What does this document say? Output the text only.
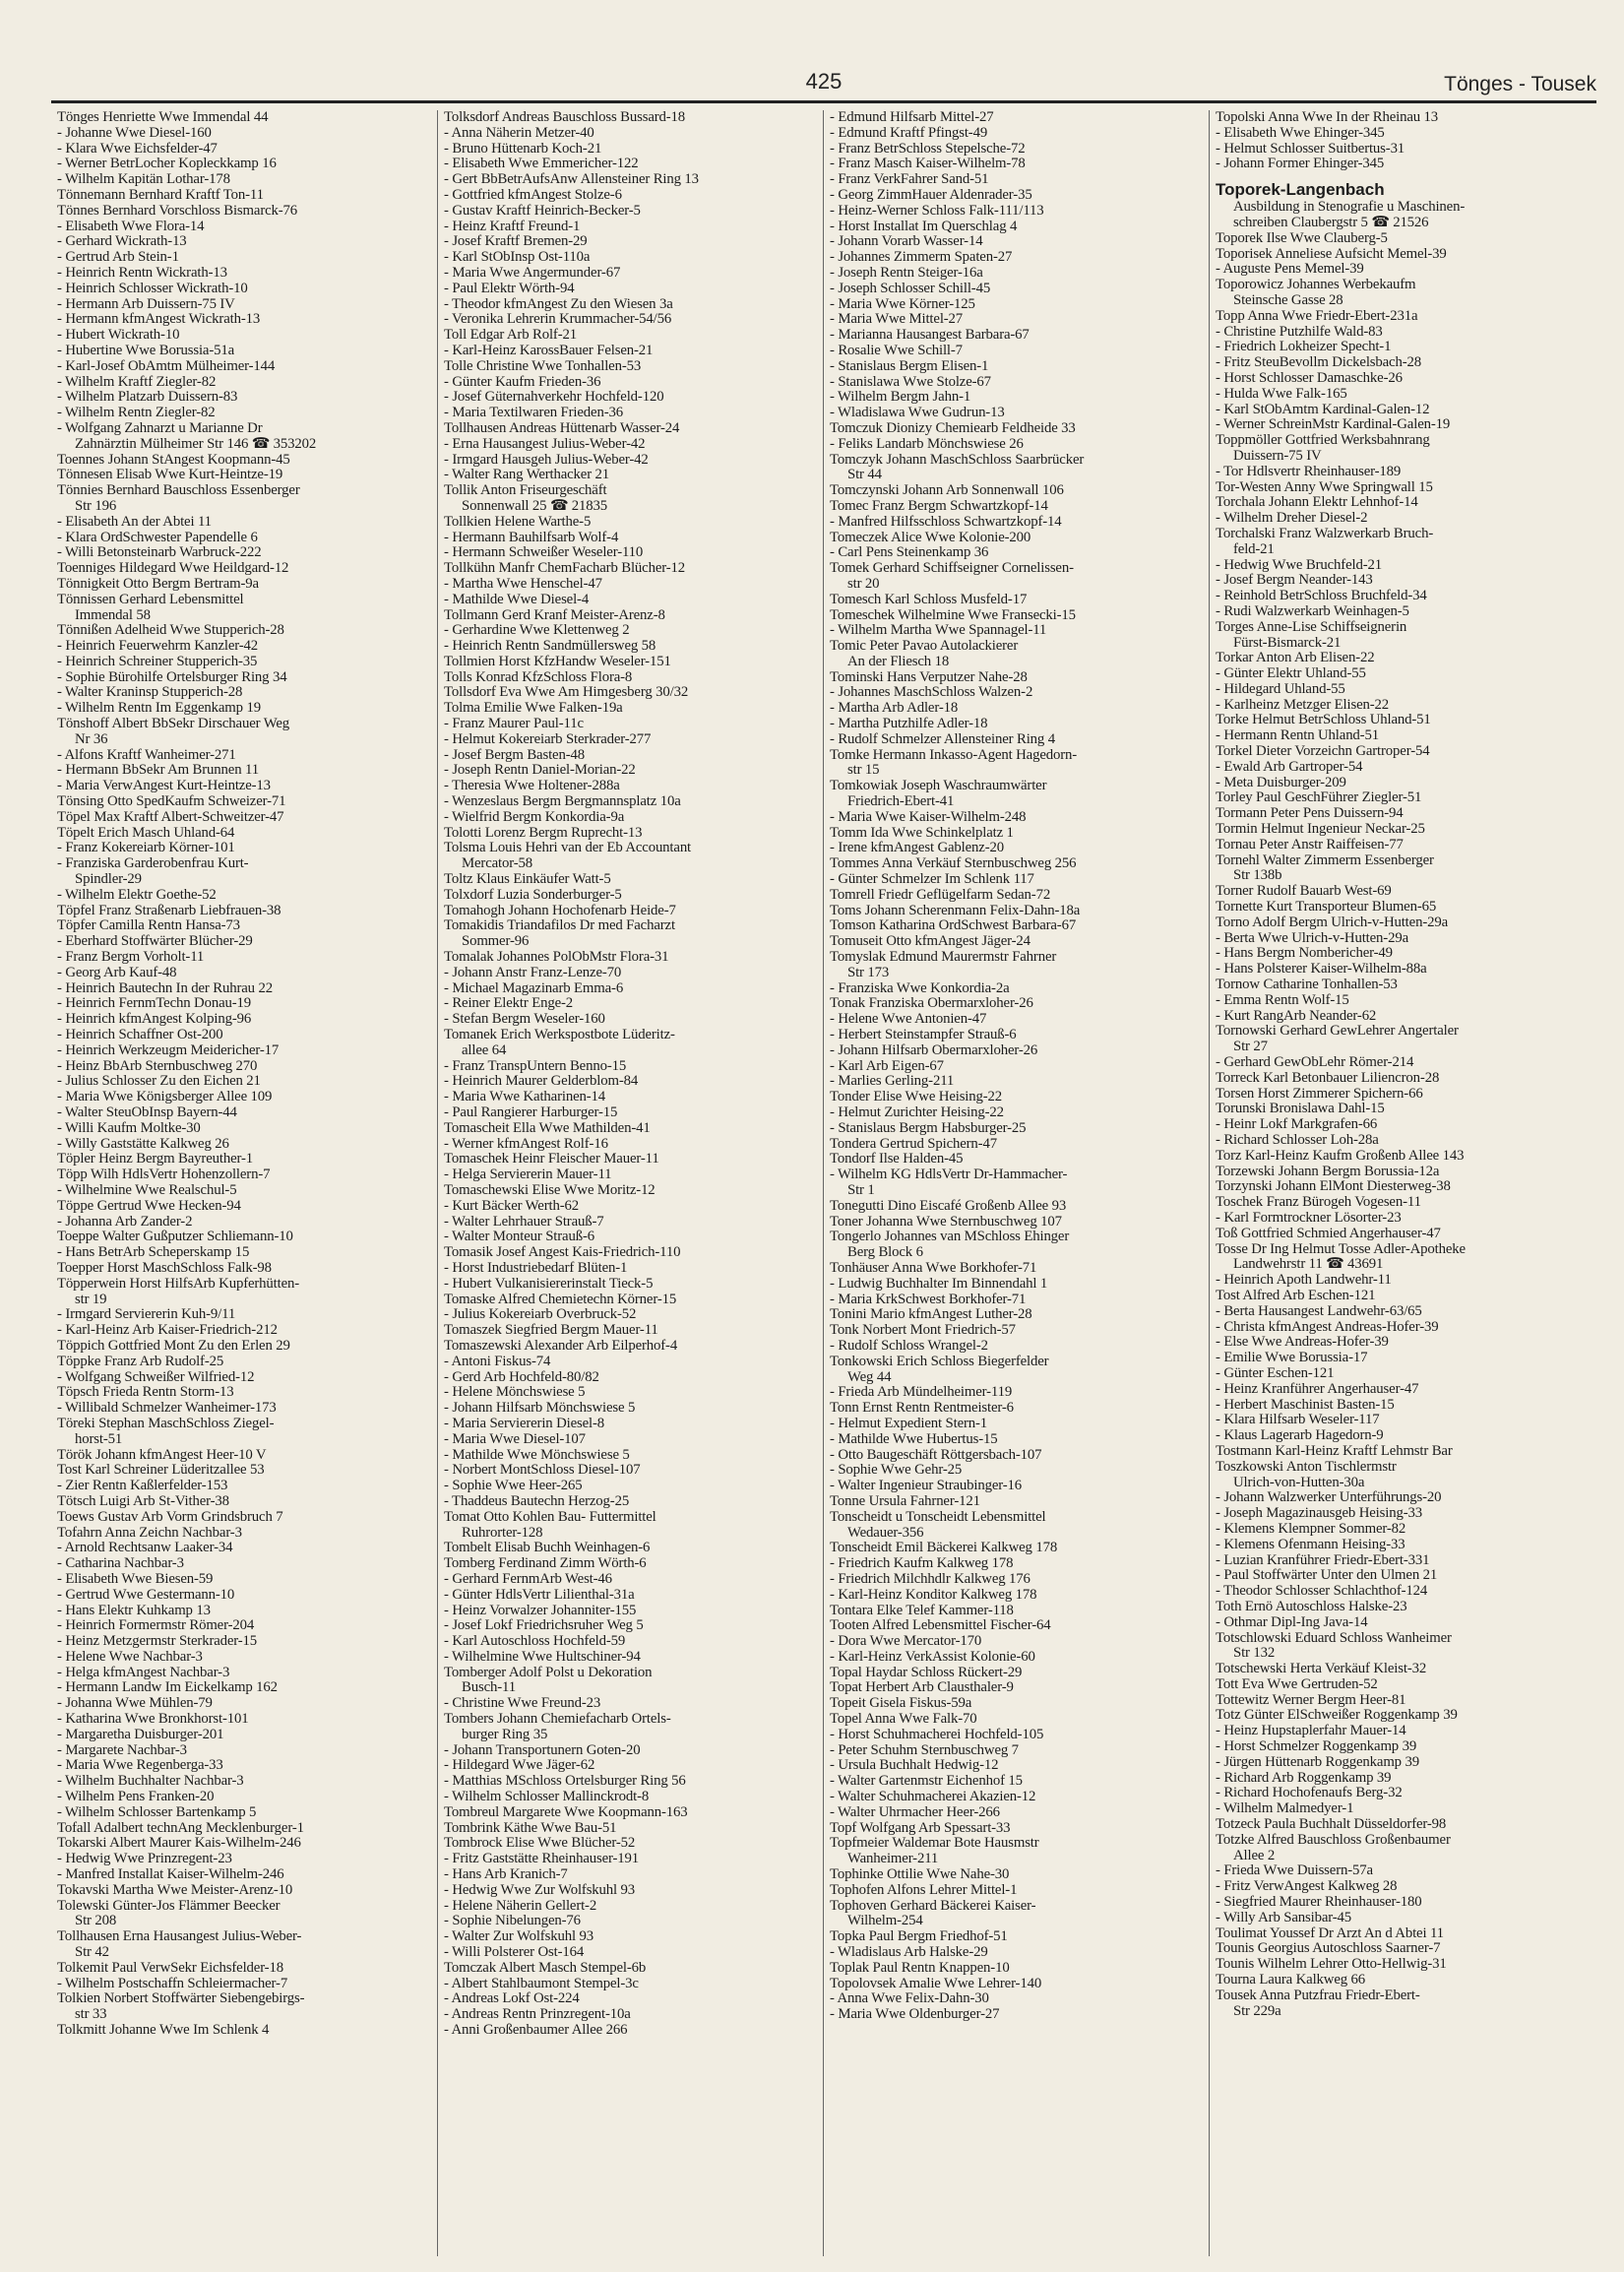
425	Tönges - Tousek
Tönges Henriette Wwe Immendal 44
- Johanne Wwe Diesel-160
- Klara Wwe Eichsfelder-47
- Werner BetrLocher Kopleckkamp 16
- Wilhelm Kapitän Lothar-178
Tönnemann Bernhard Kraftf Ton-11
Tönnes Bernhard Vorschloss Bismarck-76
- Elisabeth Wwe Flora-14
- Gerhard Wickrath-13
- Gertrud Arb Stein-1
- Heinrich Rentn Wickrath-13
- Heinrich Schlosser Wickrath-10
- Hermann Arb Duissern-75 IV
- Hermann kfmAngest Wickrath-13
- Hubert Wickrath-10
- Hubertine Wwe Borussia-51a
- Karl-Josef ObAmtm Mülheimer-144
- Wilhelm Kraftf Ziegler-82
- Wilhelm Platzarb Duissern-83
- Wilhelm Rentn Ziegler-82
- Wolfgang Zahnarzt u Marianne Dr
Zahnärztin Mülheimer Str 146 ☎ 353202
Toennes Johann StAngest Koopmann-45
Tönnesen Elisab Wwe Kurt-Heintze-19
Tönnies Bernhard Bauschloss Essenberger
Str 196
- Elisabeth An der Abtei 11
- Klara OrdSchwester Papendelle 6
- Willi Betonsteinarb Warbruck-222
Toenniges Hildegard Wwe Heildgard-12
Tönnigkeit Otto Bergm Bertram-9a
Tönnissen Gerhard Lebensmittel
Immendal 58
Tönnißen Adelheid Wwe Stupperich-28
- Heinrich Feuerwehrm Kanzler-42
- Heinrich Schreiner Stupperich-35
- Sophie Bürohilfe Ortelsburger Ring 34
- Walter Kraninsp Stupperich-28
- Wilhelm Rentn Im Eggenkamp 19
Tönshoff Albert BbSekr Dirschauer Weg
Nr 36
- Alfons Kraftf Wanheimer-271
- Hermann BbSekr Am Brunnen 11
- Maria VerwAngest Kurt-Heintze-13
Tönsing Otto SpedKaufm Schweizer-71
Töpel Max Kraftf Albert-Schweitzer-47
Töpelt Erich Masch Uhland-64
- Franz Kokereiarb Körner-101
- Franziska Garderobenfrau Kurt-
Spindler-29
- Wilhelm Elektr Goethe-52
Töpfel Franz Straßenarb Liebfrauen-38
Töpfer Camilla Rentn Hansa-73
- Eberhard Stoffwärter Blücher-29
- Franz Bergm Vorholt-11
- Georg Arb Kauf-48
- Heinrich Bautechn In der Ruhrau 22
- Heinrich FernmTechn Donau-19
- Heinrich kfmAngest Kolping-96
- Heinrich Schaffner Ost-200
- Heinrich Werkzeugm Meidericher-17
- Heinz BbArb Sternbuschweg 270
- Julius Schlosser Zu den Eichen 21
- Maria Wwe Königsberger Allee 109
- Walter SteuObInsp Bayern-44
- Willi Kaufm Moltke-30
- Willy Gaststätte Kalkweg 26
Töpler Heinz Bergm Bayreuther-1
Töpp Wilh HdlsVertr Hohenzollern-7
- Wilhelmine Wwe Realschul-5
Töppe Gertrud Wwe Hecken-94
- Johanna Arb Zander-2
Toeppe Walter Gußputzer Schliemann-10
- Hans BetrArb Scheperskamp 15
Toepper Horst MaschSchloss Falk-98
Töpperwein Horst HilfsArb Kupferhütten-
str 19
- Irmgard Serviererin Kuh-9/11
- Karl-Heinz Arb Kaiser-Friedrich-212
Töppich Gottfried Mont Zu den Erlen 29
Töppke Franz Arb Rudolf-25
- Wolfgang Schweißer Wilfried-12
Töpsch Frieda Rentn Storm-13
- Willibald Schmelzer Wanheimer-173
Töreki Stephan MaschSchloss Ziegel-
horst-51
Török Johann kfmAngest Heer-10 V
Tost Karl Schreiner Lüderitzallee 53
- Zier Rentn Kaßlerfelder-153
Tötsch Luigi Arb St-Vither-38
Toews Gustav Arb Vorm Grindsbruch 7
Tofahrn Anna Zeichn Nachbar-3
- Arnold Rechtsanw Laaker-34
- Catharina Nachbar-3
- Elisabeth Wwe Biesen-59
- Gertrud Wwe Gestermann-10
- Hans Elektr Kuhkamp 13
- Heinrich Formermstr Römer-204
- Heinz Metzgermstr Sterkrader-15
- Helene Wwe Nachbar-3
- Helga kfmAngest Nachbar-3
- Hermann Landw Im Eickelkamp 162
- Johanna Wwe Mühlen-79
- Katharina Wwe Bronkhorst-101
- Margaretha Duisburger-201
- Margarete Nachbar-3
- Maria Wwe Regenberga-33
- Wilhelm Buchhalter Nachbar-3
- Wilhelm Pens Franken-20
- Wilhelm Schlosser Bartenkamp 5
Tofall Adalbert technAng Mecklenburger-1
Tokarski Albert Maurer Kais-Wilhelm-246
- Hedwig Wwe Prinzregent-23
- Manfred Installat Kaiser-Wilhelm-246
Tokavski Martha Wwe Meister-Arenz-10
Tolewski Günter-Jos Flämmer Beecker
Str 208
Tollhausen Erna Hausangest Julius-Weber-
Str 42
Tolkemit Paul VerwSekr Eichsfelder-18
- Wilhelm Postschaffn Schleiermacher-7
Tolkien Norbert Stoffwärter Siebengebirgs-
str 33
Tolkmitt Johanne Wwe Im Schlenk 4
Tolksdorf Andreas Bauschloss Bussard-18
- Anna Näherin Metzer-40
- Bruno Hüttenarb Koch-21
- Elisabeth Wwe Emmericher-122
- Gert BbBetrAufsAnw Allensteiner Ring 13
- Gottfried kfmAngest Stolze-6
- Gustav Kraftf Heinrich-Becker-5
- Heinz Kraftf Freund-1
- Josef Kraftf Bremen-29
- Karl StObInsp Ost-110a
- Maria Wwe Angermunder-67
- Paul Elektr Wörth-94
- Theodor kfmAngest Zu den Wiesen 3a
- Veronika Lehrerin Krummacher-54/56
Toll Edgar Arb Rolf-21
- Karl-Heinz KarossBauer Felsen-21
Tolle Christine Wwe Tonhallen-53
- Günter Kaufm Frieden-36
- Josef Güternahverkehr Hochfeld-120
- Maria Textilwaren Frieden-36
Tollhausen Andreas Hüttenarb Wasser-24
- Erna Hausangest Julius-Weber-42
- Irmgard Hausgeh Julius-Weber-42
- Walter Rang Werthacker 21
Tollik Anton Friseurgeschäft
Sonnenwall 25 ☎ 21835
Tollkien Helene Warthe-5
- Hermann Bauhilfsarb Wolf-4
- Hermann Schweißer Weseler-110
Tollkühn Manfr ChemFacharb Blücher-12
- Martha Wwe Henschel-47
- Mathilde Wwe Diesel-4
Tollmann Gerd Kranf Meister-Arenz-8
- Gerhardine Wwe Klettenweg 2
- Heinrich Rentn Sandmüllersweg 58
Tollmien Horst KfzHandw Weseler-151
Tolls Konrad KfzSchloss Flora-8
Tollsdorf Eva Wwe Am Himgesberg 30/32
Tolma Emilie Wwe Falken-19a
- Franz Maurer Paul-11c
- Helmut Kokereiarb Sterkrader-277
- Josef Bergm Basten-48
- Joseph Rentn Daniel-Morian-22
- Theresia Wwe Holtener-288a
- Wenzeslaus Bergm Bergmannsplatz 10a
- Wielfrid Bergm Konkordia-9a
Tolotti Lorenz Bergm Ruprecht-13
Tolsma Louis Hehri van der Eb Accountant
Mercator-58
Toltz Klaus Einkäufer Watt-5
Tolxdorf Luzia Sonderburger-5
Tomahogh Johann Hochofenarb Heide-7
Tomakidis Triandafilos Dr med Facharzt
Sommer-96
Tomalak Johannes PolObMstr Flora-31
- Johann Anstr Franz-Lenze-70
- Michael Magazinarb Emma-6
- Reiner Elektr Enge-2
- Stefan Bergm Weseler-160
Tomanek Erich Werkspostbote Lüderitz-
allee 64
- Franz TranspUntern Benno-15
- Heinrich Maurer Gelderblom-84
- Maria Wwe Katharinen-14
- Paul Rangierer Harburger-15
Tomascheit Ella Wwe Mathilden-41
- Werner kfmAngest Rolf-16
Tomaschek Heinr Fleischer Mauer-11
- Helga Serviererin Mauer-11
Tomaschewski Elise Wwe Moritz-12
- Kurt Bäcker Werth-62
- Walter Lehrhauer Strauß-7
- Walter Monteur Strauß-6
Tomasik Josef Angest Kais-Friedrich-110
- Horst Industriebedarf Blüten-1
- Hubert Vulkanisiererinstalt Tieck-5
Tomaske Alfred Chemietechn Körner-15
- Julius Kokereiarb Overbruck-52
Tomaszek Siegfried Bergm Mauer-11
Tomaszewski Alexander Arb Eilperhof-4
- Antoni Fiskus-74
- Gerd Arb Hochfeld-80/82
- Helene Mönchswiese 5
- Johann Hilfsarb Mönchswiese 5
- Maria Serviererin Diesel-8
- Maria Wwe Diesel-107
- Mathilde Wwe Mönchswiese 5
- Norbert MontSchloss Diesel-107
- Sophie Wwe Heer-265
- Thaddeus Bautechn Herzog-25
Tomat Otto Kohlen Bau- Futtermittel
Ruhrorter-128
Tombelt Elisab Buchh Weinhagen-6
Tomberg Ferdinand Zimm Wörth-6
- Gerhard FernmArb West-46
- Günter HdlsVertr Lilienthal-31a
- Heinz Vorwalzer Johanniter-155
- Josef Lokf Friedrichsruher Weg 5
- Karl Autoschloss Hochfeld-59
- Wilhelmine Wwe Hultschiner-94
Tomberger Adolf Polst u Dekoration
Busch-11
- Christine Wwe Freund-23
Tombers Johann Chemiefacharb Ortels-
burger Ring 35
- Johann Transportunern Goten-20
- Hildegard Wwe Jäger-62
- Matthias MSchloss Ortelsburger Ring 56
- Wilhelm Schlosser Mallinckrodt-8
Tombreul Margarete Wwe Koopmann-163
Tombrink Käthe Wwe Bau-51
Tombrock Elise Wwe Blücher-52
- Fritz Gaststätte Rheinhauser-191
- Hans Arb Kranich-7
- Hedwig Wwe Zur Wolfskuhl 93
- Helene Näherin Gellert-2
- Sophie Nibelungen-76
- Walter Zur Wolfskuhl 93
- Willi Polsterer Ost-164
Tomczak Albert Masch Stempel-6b
- Albert Stahlbaumont Stempel-3c
- Andreas Lokf Ost-224
- Andreas Rentn Prinzregent-10a
- Anni Großenbaumer Allee 266
- Edmund Hilfsarb Mittel-27
- Edmund Kraftf Pfingst-49
- Franz BetrSchloss Stepelsche-72
- Franz Masch Kaiser-Wilhelm-78
- Franz VerkFahrer Sand-51
- Georg ZimmHauer Aldenrader-35
- Heinz-Werner Schloss Falk-111/113
- Horst Installat Im Querschlag 4
- Johann Vorarb Wasser-14
- Johannes Zimmerm Spaten-27
- Joseph Rentn Steiger-16a
- Joseph Schlosser Schill-45
- Maria Wwe Körner-125
- Maria Wwe Mittel-27
- Marianna Hausangest Barbara-67
- Rosalie Wwe Schill-7
- Stanislaus Bergm Elisen-1
- Stanislawa Wwe Stolze-67
- Wilhelm Bergm Jahn-1
- Wladislawa Wwe Gudrun-13
Tomczuk Dionizy Chemiearb Feldheide 33
- Feliks Landarb Mönchswiese 26
Tomczyk Johann MaschSchloss Saarbrücker
Str 44
Tomczynski Johann Arb Sonnenwall 106
Tomec Franz Bergm Schwartzkopf-14
- Manfred Hilfsschloss Schwartzkopf-14
Tomeczek Alice Wwe Kolonie-200
- Carl Pens Steinenkamp 36
Tomek Gerhard Schiffseigner Cornelissen-
str 20
Tomesch Karl Schloss Musfeld-17
Tomeschek Wilhelmine Wwe Fransecki-15
- Wilhelm Martha Wwe Spannagel-11
Tomic Peter Pavao Autolackierer
An der Fliesch 18
Tominski Hans Verputzer Nahe-28
- Johannes MaschSchloss Walzen-2
- Martha Arb Adler-18
- Martha Putzhilfe Adler-18
- Rudolf Schmelzer Allensteiner Ring 4
Tomke Hermann Inkasso-Agent Hagedorn-
str 15
Tomkowiak Joseph Waschraumwärter
Friedrich-Ebert-41
- Maria Wwe Kaiser-Wilhelm-248
Tomm Ida Wwe Schinkelplatz 1
- Irene kfmAngest Gablenz-20
Tommes Anna Verkäuf Sternbuschweg 256
- Günter Schmelzer Im Schlenk 117
Tomrell Friedr Geflügelfarm Sedan-72
Toms Johann Scherenmann Felix-Dahn-18a
Tomson Katharina OrdSchwest Barbara-67
Tomuseit Otto kfmAngest Jäger-24
Tomyslak Edmund Maurermstr Fahrner
Str 173
- Franziska Wwe Konkordia-2a
Tonak Franziska Obermarxloher-26
- Helene Wwe Antonien-47
- Herbert Steinstampfer Strauß-6
- Johann Hilfsarb Obermarxloher-26
- Karl Arb Eigen-67
- Marlies Gerling-211
Tonder Elise Wwe Heising-22
- Helmut Zurichter Heising-22
- Stanislaus Bergm Habsburger-25
Tondera Gertrud Spichern-47
Tondorf Ilse Halden-45
- Wilhelm KG HdlsVertr Dr-Hammacher-
Str 1
Tonegutti Dino Eiscafé Großenb Allee 93
Toner Johanna Wwe Sternbuschweg 107
Tongerlo Johannes van MSchloss Ehinger
Berg Block 6
Tonhäuser Anna Wwe Borkhofer-71
- Ludwig Buchhalter Im Binnendahl 1
- Maria KrkSchwest Borkhofer-71
Tonini Mario kfmAngest Luther-28
Tonk Norbert Mont Friedrich-57
- Rudolf Schloss Wrangel-2
Tonkowski Erich Schloss Biegerfelder
Weg 44
- Frieda Arb Mündelheimer-119
Tonn Ernst Rentn Rentmeister-6
- Helmut Expedient Stern-1
- Mathilde Wwe Hubertus-15
- Otto Baugeschäft Röttgersbach-107
- Sophie Wwe Gehr-25
- Walter Ingenieur Straubinger-16
Tonne Ursula Fahrner-121
Tonscheidt u Tonscheidt Lebensmittel
Wedauer-356
Tonscheidt Emil Bäckerei Kalkweg 178
- Friedrich Kaufm Kalkweg 178
- Friedrich Milchhdlr Kalkweg 176
- Karl-Heinz Konditor Kalkweg 178
Tontara Elke Telef Kammer-118
Tooten Alfred Lebensmittel Fischer-64
- Dora Wwe Mercator-170
- Karl-Heinz VerkAssist Kolonie-60
Topal Haydar Schloss Rückert-29
Topat Herbert Arb Clausthaler-9
Topeit Gisela Fiskus-59a
Topel Anna Wwe Falk-70
- Horst Schuhmacherei Hochfeld-105
- Peter Schuhm Sternbuschweg 7
- Ursula Buchhalt Hedwig-12
- Walter Gartenmstr Eichenhof 15
- Walter Schuhmacherei Akazien-12
- Walter Uhrmacher Heer-266
Topf Wolfgang Arb Spessart-33
Topfmeier Waldemar Bote Hausmstr
Wanheimer-211
Tophinke Ottilie Wwe Nahe-30
Tophofen Alfons Lehrer Mittel-1
Tophoven Gerhard Bäckerei Kaiser-
Wilhelm-254
Topka Paul Bergm Friedhof-51
- Wladislaus Arb Halske-29
Toplak Paul Rentn Knappen-10
Topolovsek Amalie Wwe Lehrer-140
- Anna Wwe Felix-Dahn-30
- Maria Wwe Oldenburger-27
Topolski Anna Wwe In der Rheinau 13
- Elisabeth Wwe Ehinger-345
- Helmut Schlosser Suitbertus-31
- Johann Former Ehinger-345
Toporek-Langenbach
Ausbildung in Stenografie u Maschinen-
schreiben Claubergstr 5 ☎ 21526
Toporek Ilse Wwe Clauberg-5
Toporisek Anneliese Aufsicht Memel-39
- Auguste Pens Memel-39
Toporowicz Johannes Werbekaufm
Steinsche Gasse 28
Topp Anna Wwe Friedr-Ebert-231a
- Christine Putzhilfe Wald-83
- Friedrich Lokheizer Specht-1
- Fritz SteuBevollm Dickelsbach-28
- Horst Schlosser Damaschke-26
- Hulda Wwe Falk-165
- Karl StObAmtm Kardinal-Galen-12
- Werner SchreinMstr Kardinal-Galen-19
Toppmöller Gottfried Werksbahnrang
Duissern-75 IV
- Tor Hdlsvertr Rheinhauser-189
Tor-Westen Anny Wwe Springwall 15
Torchala Johann Elektr Lehnhof-14
- Wilhelm Dreher Diesel-2
Torchalski Franz Walzwerkarb Bruch-
feld-21
- Hedwig Wwe Bruchfeld-21
- Josef Bergm Neander-143
- Reinhold BetrSchloss Bruchfeld-34
- Rudi Walzwerkarb Weinhagen-5
Torges Anne-Lise Schiffseignerin
Fürst-Bismarck-21
Torkar Anton Arb Elisen-22
- Günter Elektr Uhland-55
- Hildegard Uhland-55
- Karlheinz Metzger Elisen-22
Torke Helmut BetrSchloss Uhland-51
- Hermann Rentn Uhland-51
Torkel Dieter Vorzeichn Gartroper-54
- Ewald Arb Gartroper-54
- Meta Duisburger-209
Torley Paul GeschFührer Ziegler-51
Tormann Peter Pens Duissern-94
Tormin Helmut Ingenieur Neckar-25
Tornau Peter Anstr Raiffeisen-77
Tornehl Walter Zimmerm Essenberger
Str 138b
Torner Rudolf Bauarb West-69
Tornette Kurt Transporteur Blumen-65
Torno Adolf Bergm Ulrich-v-Hutten-29a
- Berta Wwe Ulrich-v-Hutten-29a
- Hans Bergm Nombericher-49
- Hans Polsterer Kaiser-Wilhelm-88a
Tornow Catharine Tonhallen-53
- Emma Rentn Wolf-15
- Kurt RangArb Neander-62
Tornowski Gerhard GewLehrer Angertaler
Str 27
- Gerhard GewObLehr Römer-214
Torreck Karl Betonbauer Liliencron-28
Torsen Horst Zimmerer Spichern-66
Torunski Bronislawa Dahl-15
- Heinr Lokf Markgrafen-66
- Richard Schlosser Loh-28a
Torz Karl-Heinz Kaufm Großenb Allee 143
Torzewski Johann Bergm Borussia-12a
Torzynski Johann ElMont Diesterweg-38
Toschek Franz Bürogeh Vogesen-11
- Karl Formtrockner Lösorter-23
Toß Gottfried Schmied Angerhauser-47
Tosse Dr Ing Helmut Tosse Adler-Apotheke
Landwehrstr 11 ☎ 43691
- Heinrich Apoth Landwehr-11
Tost Alfred Arb Eschen-121
- Berta Hausangest Landwehr-63/65
- Christa kfmAngest Andreas-Hofer-39
- Else Wwe Andreas-Hofer-39
- Emilie Wwe Borussia-17
- Günter Eschen-121
- Heinz Kranführer Angerhauser-47
- Herbert Maschinist Basten-15
- Klara Hilfsarb Weseler-117
- Klaus Lagerarb Hagedorn-9
Tostmann Karl-Heinz Kraftf Lehmstr Bar
Toszkowski Anton Tischlermstr
Ulrich-von-Hutten-30a
- Johann Walzwerker Unterführungs-20
- Joseph Magazinausgeb Heising-33
- Klemens Klempner Sommer-82
- Klemens Ofenmann Heising-33
- Luzian Kranführer Friedr-Ebert-331
- Paul Stoffwärter Unter den Ulmen 21
- Theodor Schlosser Schlachthof-124
Toth Ernö Autoschloss Halske-23
- Othmar Dipl-Ing Java-14
Totschlowski Eduard Schloss Wanheimer
Str 132
Totschewski Herta Verkäuf Kleist-32
Tott Eva Wwe Gertruden-52
Tottewitz Werner Bergm Heer-81
Totz Günter ElSchweißer Roggenkamp 39
- Heinz Hupstaplerfahr Mauer-14
- Horst Schmelzer Roggenkamp 39
- Jürgen Hüttenarb Roggenkamp 39
- Richard Arb Roggenkamp 39
- Richard Hochofenaufs Berg-32
- Wilhelm Malmedyer-1
Totzeck Paula Buchhalt Düsseldorfer-98
Totzke Alfred Bauschloss Großenbaumer
Allee 2
- Frieda Wwe Duissern-57a
- Fritz VerwAngest Kalkweg 28
- Siegfried Maurer Rheinhauser-180
- Willy Arb Sansibar-45
Toulimat Youssef Dr Arzt An d Abtei 11
Tounis Georgius Autoschloss Saarner-7
Tounis Wilhelm Lehrer Otto-Hellwig-31
Tourna Laura Kalkweg 66
Tousek Anna Putzfrau Friedr-Ebert-
Str 229a
